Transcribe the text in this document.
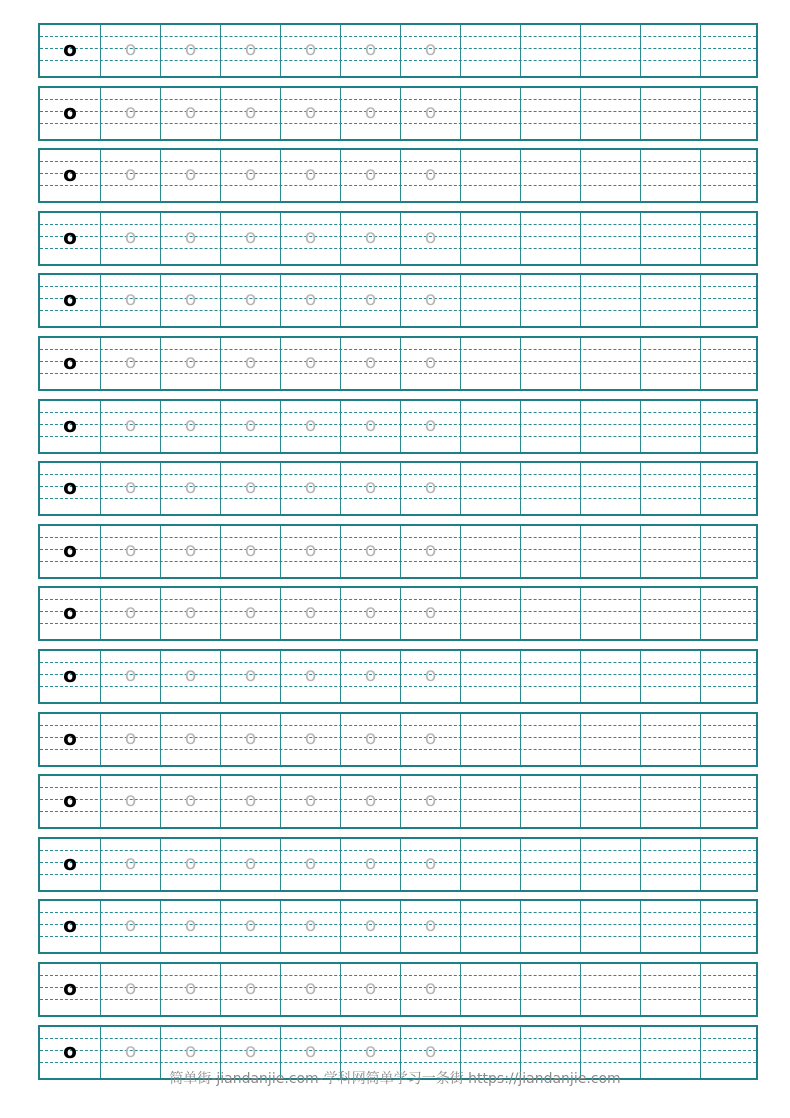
o	o	o	o	o	o	o
o	o	o	o	o	o	o
o	o	o	o	o	o	o
o	o	o	o	o	o	o
o	o	o	o	o	o	o
o	o	o	o	o	o	o
o	o	o	o	o	o	o
o	o	o	o	o	o	o
o	o	o	o	o	o	o
o	o	o	o	o	o	o
o	o	o	o	o	o	o
o	o	o	o	o	o	o
o	o	o	o	o	o	o
o	o	o	o	o	o	o
o	o	o	o	o	o	o
o	o	o	o	o	o	o
o	o	o	o	o	o	o
简单街-jiandanjie.com-学科网简单学习一条街 https://jiandanjie.com
